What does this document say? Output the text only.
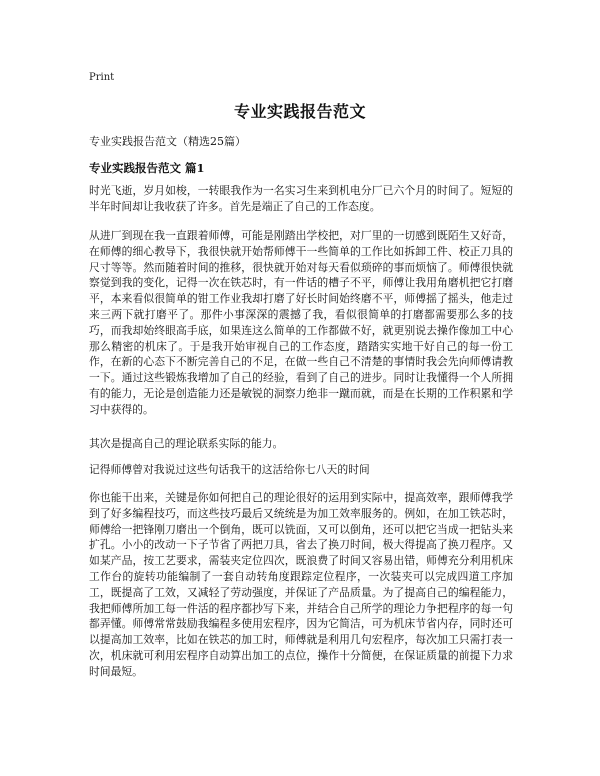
Print
专业实践报告范文

专业实践报告范文（精选25篇）

专业实践报告范文 篇1

时光飞逝，岁月如梭，一转眼我作为一名实习生来到机电分厂已六个月的时间了。短短的半年时间却让我收获了许多。首先是端正了自己的工作态度。

从进厂到现在我一直跟着师傅，可能是刚踏出学校把，对厂里的一切感到既陌生又好奇，在师傅的细心教导下，我很快就开始帮师傅干一些简单的工作比如拆卸工件、校正刀具的尺寸等等。然而随着时间的推移，很快就开始对每天看似琐碎的事而烦恼了。师傅很快就察觉到我的变化，记得一次在铁芯时，有一件话的槽子不平，师傅让我用角磨机把它打磨平，本来看似很简单的钳工作业我却打磨了好长时间始终磨不平，师傅摇了摇头，他走过来三两下就打磨平了。那件小事深深的震撼了我，看似很简单的打磨都需要那么多的技巧，而我却始终眼高手底，如果连这么简单的工作都做不好，就更别说去操作像加工中心那么精密的机床了。于是我开始审视自己的工作态度，踏踏实实地干好自己的每一份工作，在新的心态下不断完善自己的不足，在做一些自己不清楚的事情时我会先向师傅请教一下。通过这些锻炼我增加了自己的经验，看到了自己的进步。同时让我懂得一个人所拥有的能力，无论是创造能力还是敏锐的洞察力绝非一蹴而就，而是在长期的工作积累和学习中获得的。

其次是提高自己的理论联系实际的能力。

记得师傅曾对我说过这些句话我干的这活给你七八天的时间

你也能干出来，关键是你如何把自己的理论很好的运用到实际中，提高效率，跟师傅我学到了好多编程技巧，而这些技巧最后又统统是为加工效率服务的。例如，在加工铁芯时，师傅给一把锋刚刀磨出一个倒角，既可以铣面，又可以倒角，还可以把它当成一把钻头来扩孔。小小的改动一下子节省了两把刀具，省去了换刀时间，极大得提高了换刀程序。又如某产品，按工艺要求，需装夹定位四次，既浪费了时间又容易出错，师傅充分利用机床工作台的旋转功能编制了一套自动转角度跟踪定位程序，一次装夹可以完成四道工序加工，既提高了工效，又减轻了劳动强度，并保证了产品质量。为了提高自己的编程能力，我把师傅所加工每一件活的程序都抄写下来，并结合自己所学的理论力争把程序的每一句都弄懂。师傅常常鼓励我编程多使用宏程序，因为它简洁，可为机床节省内存，同时还可以提高加工效率，比如在铁芯的加工时，师傅就是利用几句宏程序，每次加工只需打表一次，机床就可利用宏程序自动算出加工的点位，操作十分简便，在保证质量的前提下力求时间最短。
